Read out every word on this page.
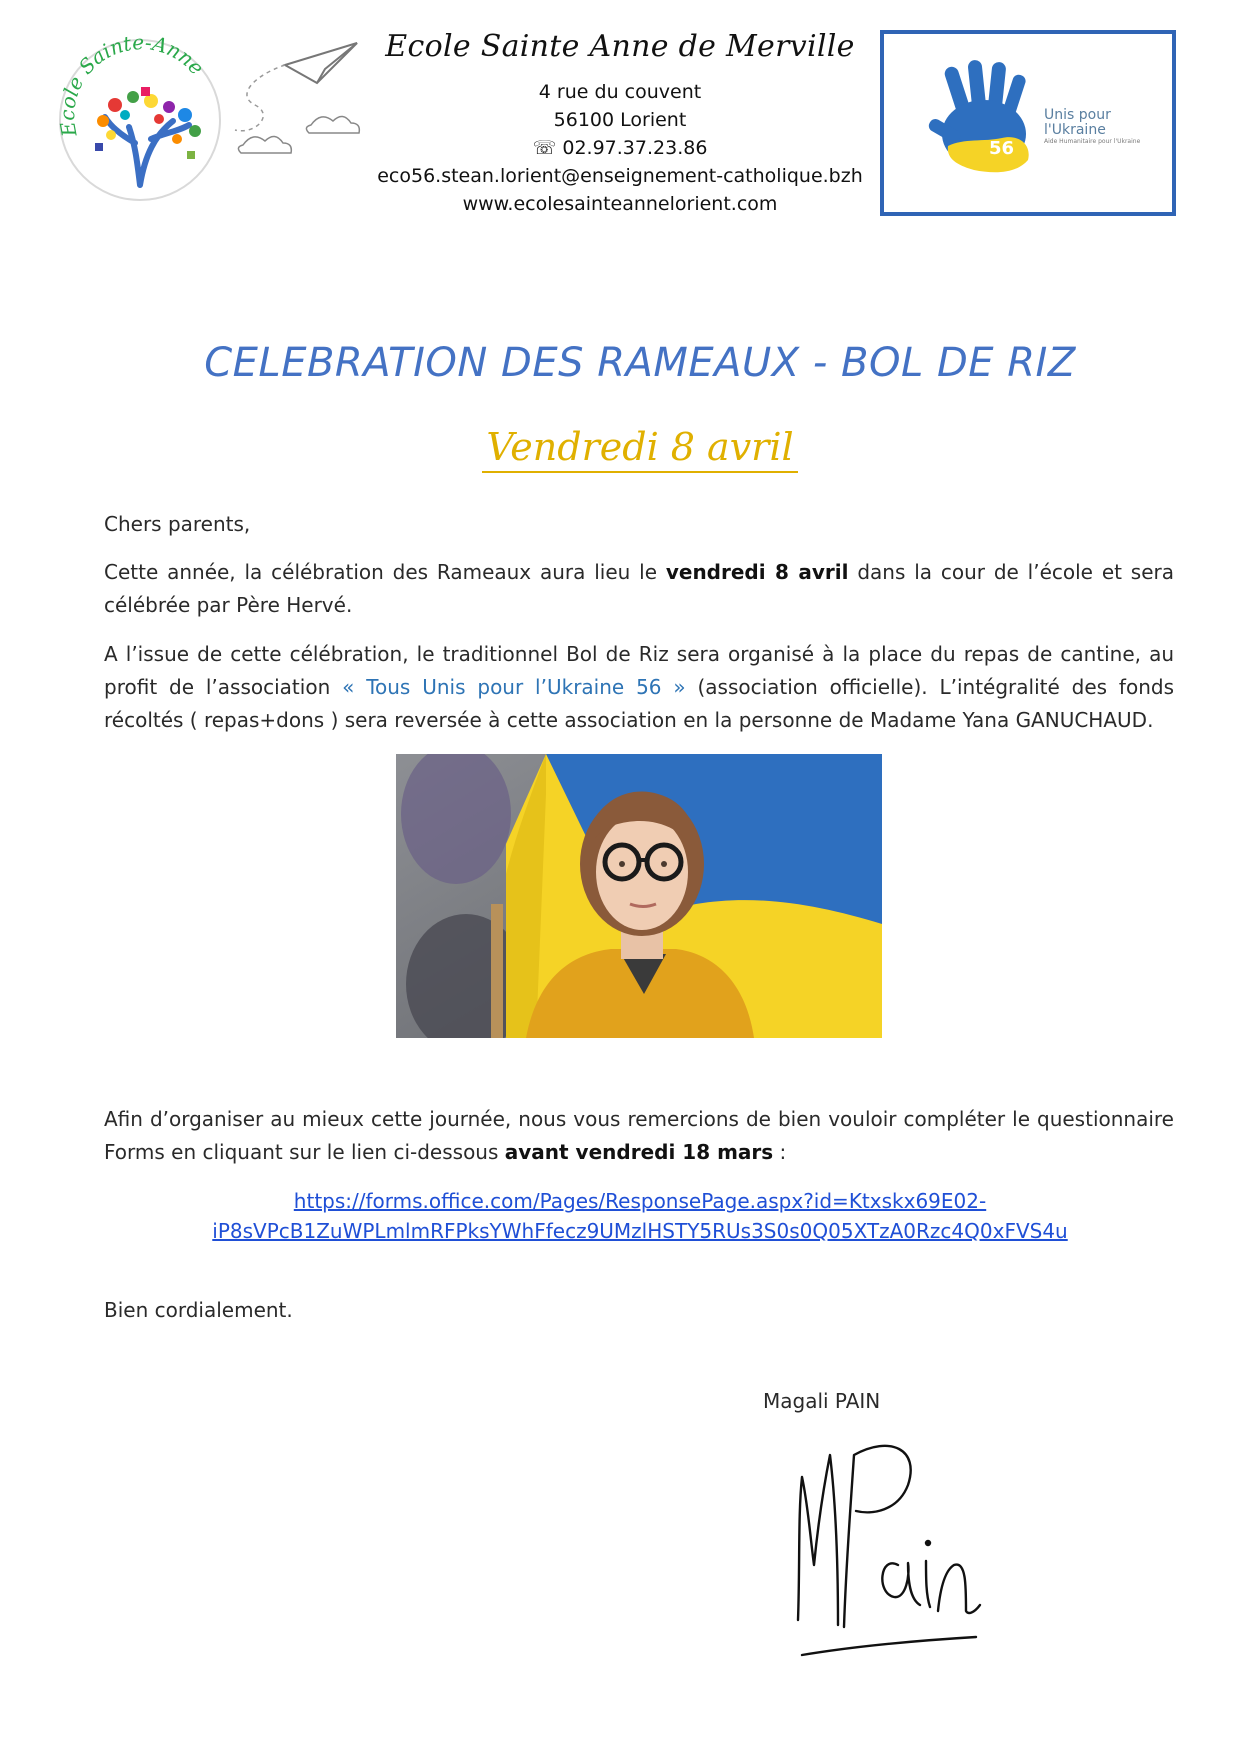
Ecole Sainte-Anne
Ecole Sainte Anne de Merville
4 rue du couvent
56100 Lorient
☏ 02.97.37.23.86
eco56.stean.lorient@enseignement-catholique.bzh
www.ecolesainteannelorient.com
56
Unis pour l'Ukraine
Aide Humanitaire pour l'Ukraine
CELEBRATION DES RAMEAUX - BOL DE RIZ
Vendredi 8 avril

Chers parents,

Cette année, la célébration des Rameaux aura lieu le vendredi 8 avril dans la cour de l’école et sera célébrée par Père Hervé.

A l’issue de cette célébration, le traditionnel Bol de Riz sera organisé à la place du repas de cantine, au profit de l’association « Tous Unis pour l’Ukraine 56 » (association officielle). L’intégralité des fonds récoltés ( repas+dons ) sera reversée à cette association en la personne de Madame Yana GANUCHAUD.

Afin d’organiser au mieux cette journée, nous vous remercions de bien vouloir compléter le questionnaire Forms en cliquant sur le lien ci-dessous avant vendredi 18 mars :

https://forms.office.com/Pages/ResponsePage.aspx?id=Ktxskx69E02-
iP8sVPcB1ZuWPLmlmRFPksYWhFfecz9UMzlHSTY5RUs3S0s0Q05XTzA0Rzc4Q0xFVS4u

Bien cordialement.

Magali PAIN
